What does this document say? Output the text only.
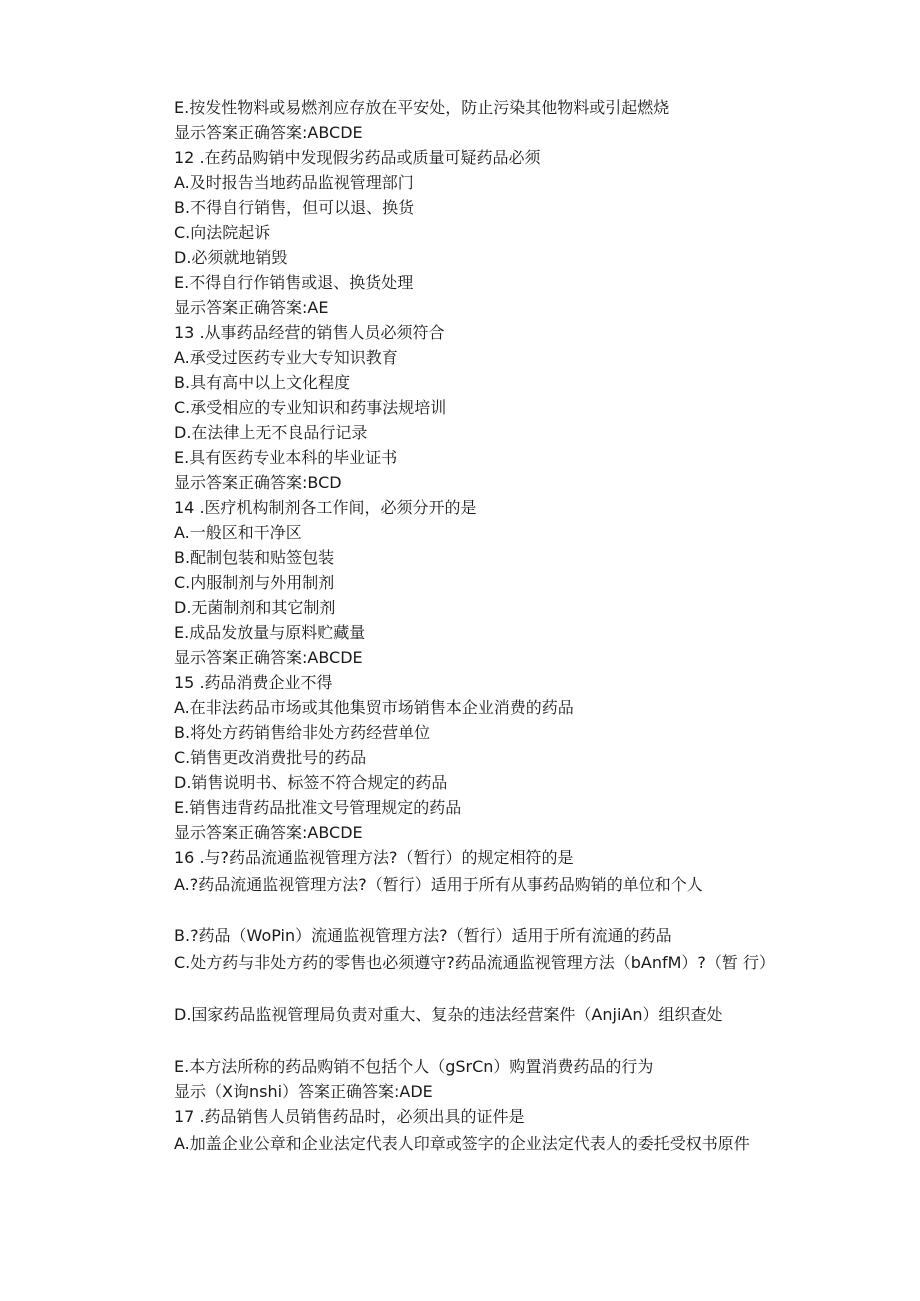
E.按发性物料或易燃剂应存放在平安处，防止污染其他物料或引起燃烧
显示答案正确答案:ABCDE
12 .在药品购销中发现假劣药品或质量可疑药品必须
A.及时报告当地药品监视管理部门
B.不得自行销售，但可以退、换货
C.向法院起诉
D.必须就地销毁
E.不得自行作销售或退、换货处理
显示答案正确答案:AE
13 .从事药品经营的销售人员必须符合
A.承受过医药专业大专知识教育
B.具有高中以上文化程度
C.承受相应的专业知识和药事法规培训
D.在法律上无不良品行记录
E.具有医药专业本科的毕业证书
显示答案正确答案:BCD
14 .医疗机构制剂各工作间，必须分开的是
A.一般区和干净区
B.配制包装和贴签包装
C.内服制剂与外用制剂
D.无菌制剂和其它制剂
E.成品发放量与原料贮藏量
显示答案正确答案:ABCDE
15 .药品消费企业不得
A.在非法药品市场或其他集贸市场销售本企业消费的药品
B.将处方药销售给非处方药经营单位
C.销售更改消费批号的药品
D.销售说明书、标签不符合规定的药品
E.销售违背药品批准文号管理规定的药品
显示答案正确答案:ABCDE
16 .与?药品流通监视管理方法?（暂行）的规定相符的是
A.?药品流通监视管理方法?（暂行）适用于所有从事药品购销的单位和个人
B.?药品（WoPin）流通监视管理方法?（暂行）适用于所有流通的药品
C.处方药与非处方药的零售也必须遵守?药品流通监视管理方法（bAnfM）?（暂 行）
D.国家药品监视管理局负责对重大、复杂的违法经营案件（AnjiAn）组织查处
E.本方法所称的药品购销不包括个人（gSrCn）购置消费药品的行为
显示（X询nshi）答案正确答案:ADE
17 .药品销售人员销售药品时，必须出具的证件是
A.加盖企业公章和企业法定代表人印章或签字的企业法定代表人的委托受权书原件
